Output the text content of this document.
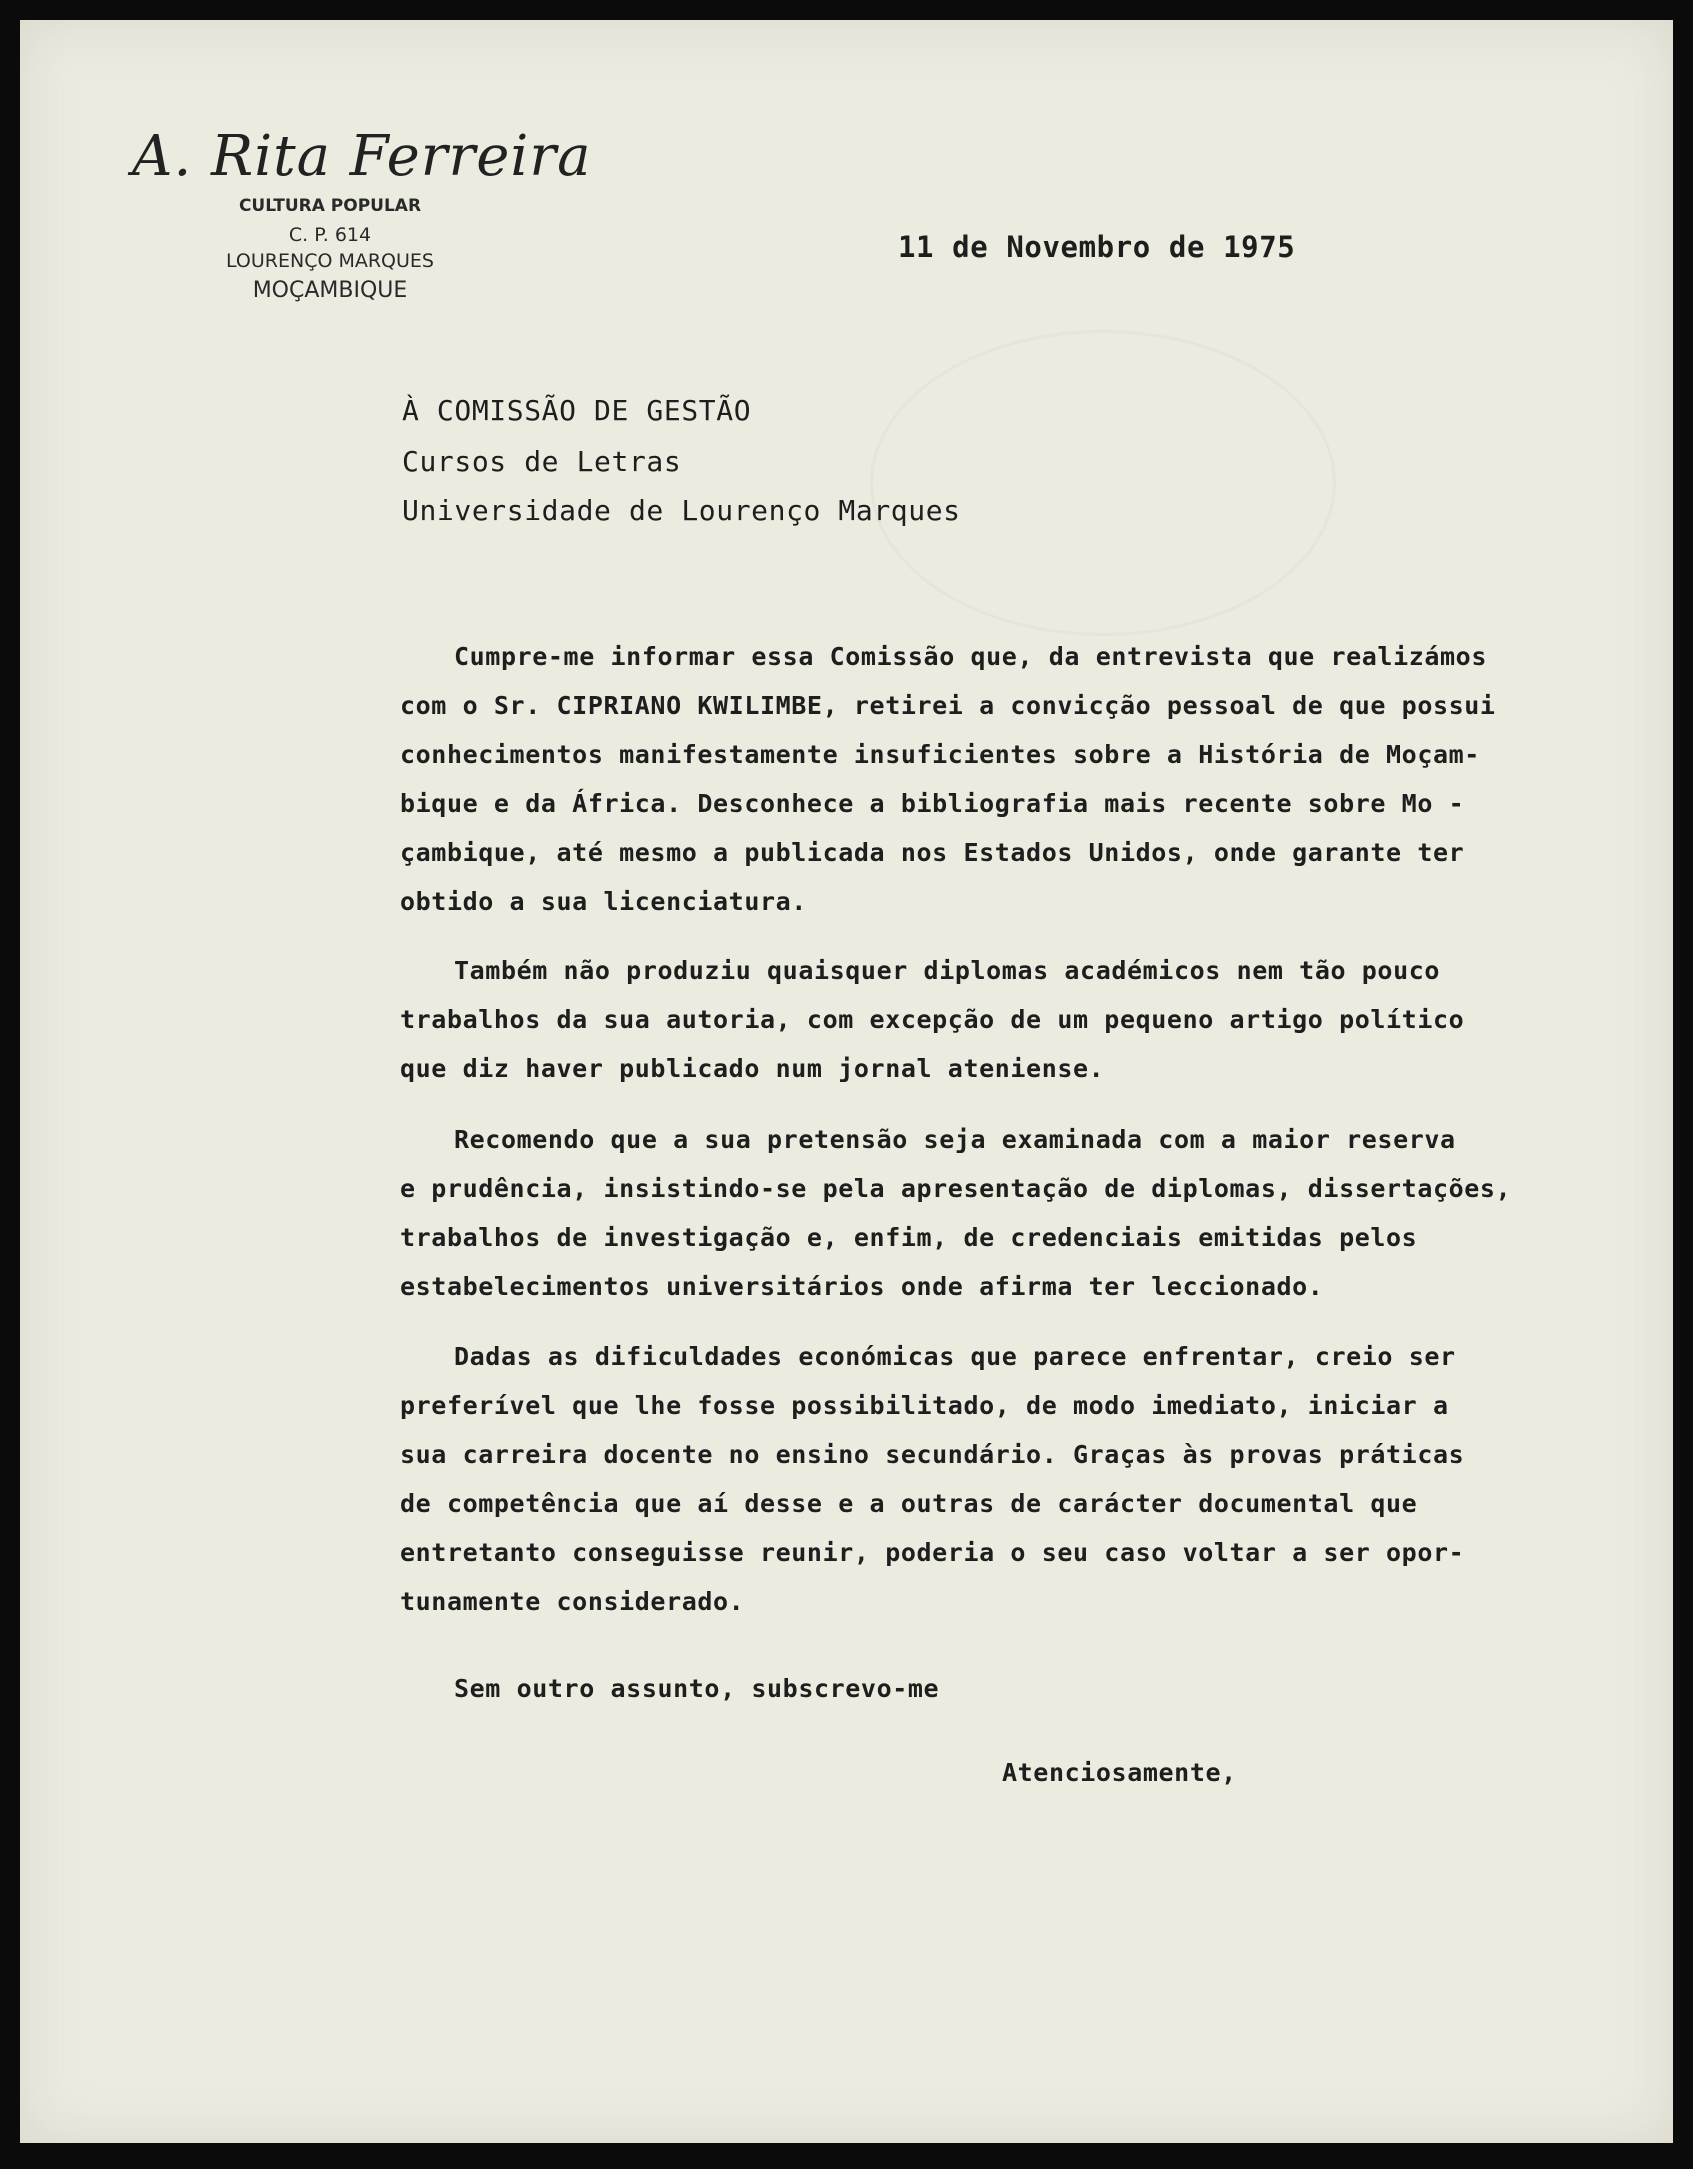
A. Rita Ferreira
CULTURA POPULAR
C. P. 614
LOURENÇO MARQUES
MOÇAMBIQUE
11 de Novembro de 1975
À COMISSÃO DE GESTÃO
Cursos de Letras
Universidade de Lourenço Marques
Cumpre-me informar essa Comissão que, da entrevista que realizámos
com o Sr. CIPRIANO KWILIMBE, retirei a convicção pessoal de que possui
conhecimentos manifestamente insuficientes sobre a História de Moçam-
bique e da África. Desconhece a bibliografia mais recente sobre Mo -
çambique, até mesmo a publicada nos Estados Unidos, onde garante ter
obtido a sua licenciatura.
Também não produziu quaisquer diplomas académicos nem tão pouco
trabalhos da sua autoria, com excepção de um pequeno artigo político
que diz haver publicado num jornal ateniense.
Recomendo que a sua pretensão seja examinada com a maior reserva
e prudência, insistindo-se pela apresentação de diplomas, dissertações,
trabalhos de investigação e, enfim, de credenciais emitidas pelos
estabelecimentos universitários onde afirma ter leccionado.
Dadas as dificuldades económicas que parece enfrentar, creio ser
preferível que lhe fosse possibilitado, de modo imediato, iniciar a
sua carreira docente no ensino secundário. Graças às provas práticas
de competência que aí desse e a outras de carácter documental que
entretanto conseguisse reunir, poderia o seu caso voltar a ser opor-
tunamente considerado.
Sem outro assunto, subscrevo-me
Atenciosamente,
